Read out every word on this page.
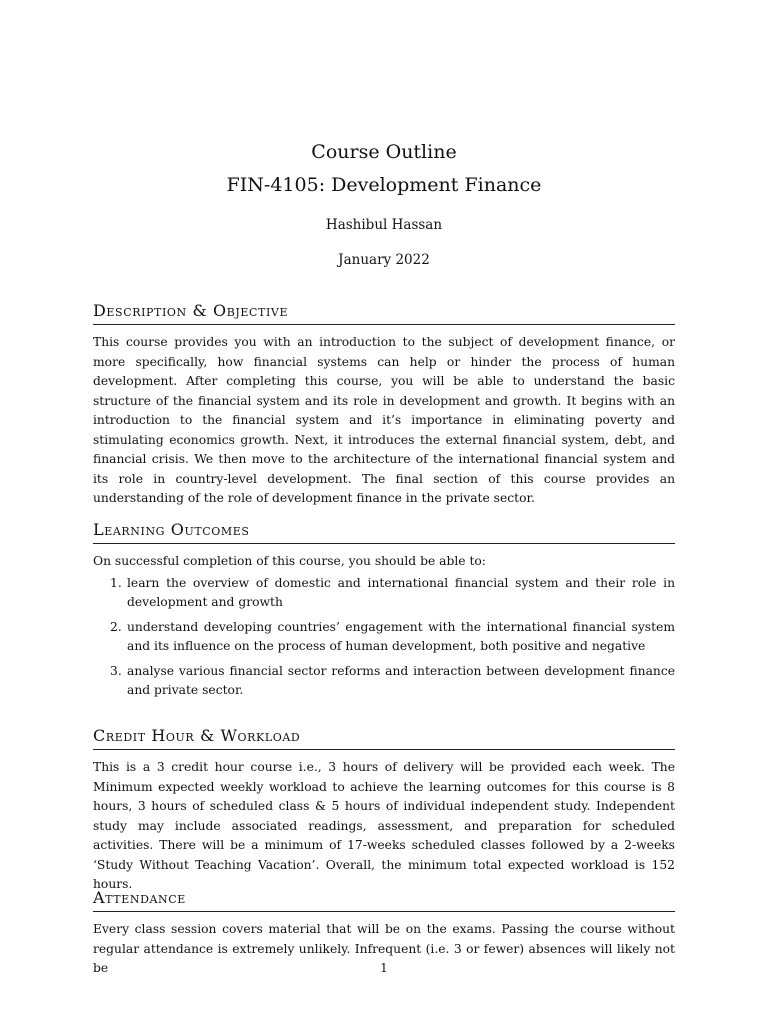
Course Outline
FIN-4105: Development Finance
Hashibul Hassan
January 2022
Description & Objective

This course provides you with an introduction to the subject of development finance, or more specifically, how financial systems can help or hinder the process of human development. After completing this course, you will be able to understand the basic structure of the financial system and its role in development and growth. It begins with an introduction to the financial system and it’s importance in eliminating poverty and stimulating economics growth. Next, it introduces the external financial system, debt, and financial crisis. We then move to the architecture of the international financial system and its role in country-level development. The final section of this course provides an understanding of the role of development finance in the private sector.

Learning Outcomes

On successful completion of this course, you should be able to:

1. learn the overview of domestic and international financial system and their role in development and growth
2. understand developing countries’ engagement with the international financial system and its influence on the process of human development, both positive and negative
3. analyse various financial sector reforms and interaction between development finance and private sector.
Credit Hour & Workload

This is a 3 credit hour course i.e., 3 hours of delivery will be provided each week. The Minimum expected weekly workload to achieve the learning outcomes for this course is 8 hours, 3 hours of scheduled class & 5 hours of individual independent study. Independent study may include associated readings, assessment, and preparation for scheduled activities. There will be a minimum of 17-weeks scheduled classes followed by a 2-weeks ‘Study Without Teaching Vacation’. Overall, the minimum total expected workload is 152 hours.

Attendance

Every class session covers material that will be on the exams. Passing the course without regular attendance is extremely unlikely. Infrequent (i.e. 3 or fewer) absences will likely not be	1
